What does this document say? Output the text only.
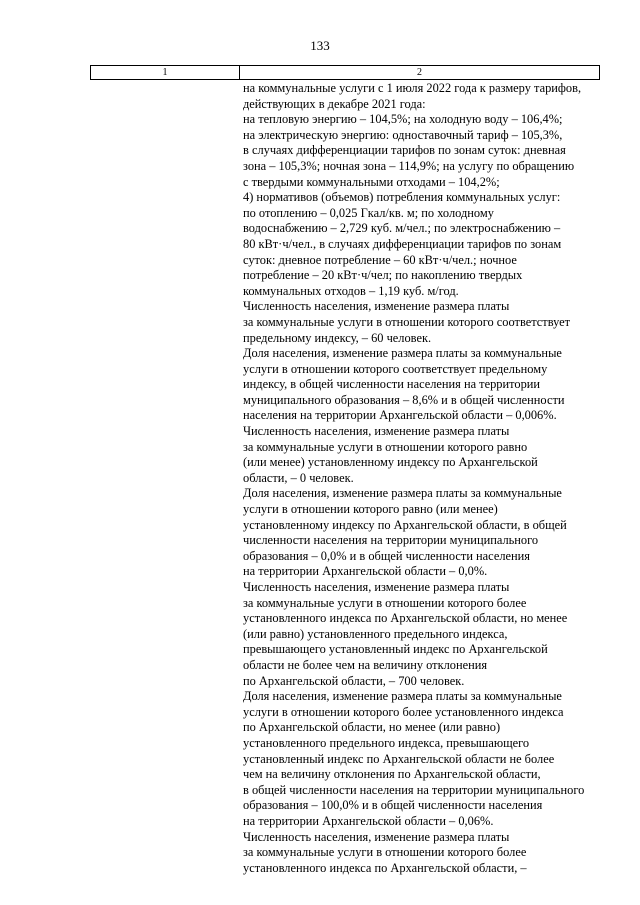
133
1	2
на коммунальные услуги с 1 июля 2022 года к размеру тарифов,
действующих в декабре 2021 года:
на тепловую энергию – 104,5%; на холодную воду – 106,4%;
на электрическую энергию: одноставочный тариф – 105,3%,
в случаях дифференциации тарифов по зонам суток: дневная
зона – 105,3%; ночная зона – 114,9%; на услугу по обращению
с твердыми коммунальными отходами – 104,2%;
4) нормативов (объемов) потребления коммунальных услуг:
по отоплению – 0,025 Гкал/кв. м; по холодному
водоснабжению – 2,729 куб. м/чел.; по электроснабжению –
80 кВт·ч/чел., в случаях дифференциации тарифов по зонам
суток: дневное потребление – 60 кВт·ч/чел.; ночное
потребление – 20 кВт·ч/чел; по накоплению твердых
коммунальных отходов – 1,19 куб. м/год.
Численность населения, изменение размера платы
за коммунальные услуги в отношении которого соответствует
предельному индексу, – 60 человек.
Доля населения, изменение размера платы за коммунальные
услуги в отношении которого соответствует предельному
индексу, в общей численности населения на территории
муниципального образования – 8,6% и в общей численности
населения на территории Архангельской области – 0,006%.
Численность населения, изменение размера платы
за коммунальные услуги в отношении которого равно
(или менее) установленному индексу по Архангельской
области, – 0 человек.
Доля населения, изменение размера платы за коммунальные
услуги в отношении которого равно (или менее)
установленному индексу по Архангельской области, в общей
численности населения на территории муниципального
образования – 0,0% и в общей численности населения
на территории Архангельской области – 0,0%.
Численность населения, изменение размера платы
за коммунальные услуги в отношении которого более
установленного индекса по Архангельской области, но менее
(или равно) установленного предельного индекса,
превышающего установленный индекс по Архангельской
области не более чем на величину отклонения
по Архангельской области, – 700 человек.
Доля населения, изменение размера платы за коммунальные
услуги в отношении которого более установленного индекса
по Архангельской области, но менее (или равно)
установленного предельного индекса, превышающего
установленный индекс по Архангельской области не более
чем на величину отклонения по Архангельской области,
в общей численности населения на территории муниципального
образования – 100,0% и в общей численности населения
на территории Архангельской области – 0,06%.
Численность населения, изменение размера платы
за коммунальные услуги в отношении которого более
установленного индекса по Архангельской области, –
